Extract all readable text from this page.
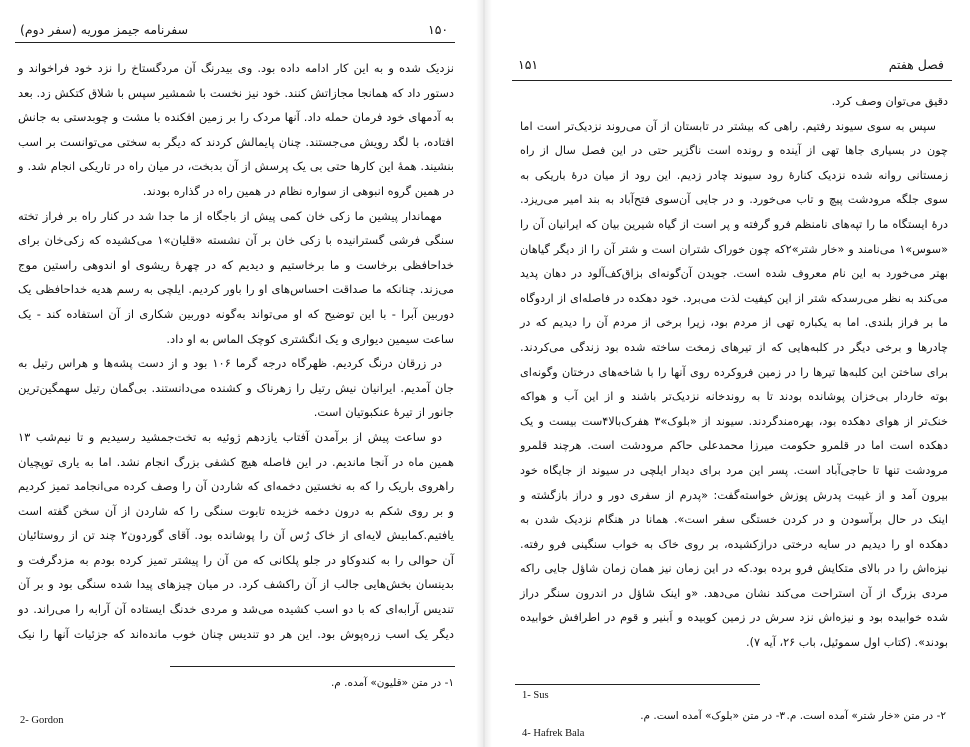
سفرنامه جیمز موریه (سفر دوم)	۱۵۰
نزدیک شده و به این کار ادامه داده بود. وی بیدرنگ آن مردگستاخ را نزد خود فراخواند و
دستور داد که همانجا مجازاتش کنند. خود نیز نخست با شمشیر سپس با شلاق کتکش زد. بعد
به آدمهای خود فرمان حمله داد. آنها مردک را بر زمین افکنده با مشت و چوبدستی به جانش
افتاده، با لگد رویش می‌جستند. چنان پایمالش کردند که دیگر به سختی می‌توانست بر اسب
بنشیند. همهٔ این کارها حتی بی یک پرسش از آن بدبخت، در میان راه در تاریکی انجام شد. و
در همین گروه انبوهی از سواره نظام در همین راه در گذاره بودند.
مهماندار پیشین ما زکی خان کمی پیش از باجگاه از ما جدا شد در کنار راه بر فراز تخته
سنگی فرشی گسترانیده با زکی خان بر آن نشسته «قلیان»۱ می‌کشیده که زکی‌خان برای
خداحافظی برخاست و ما برخاستیم و دیدیم که در چهرهٔ ریشوی او اندوهی راستین موج
می‌زند. چنانکه ما صداقت احساس‌های او را باور کردیم. ایلچی به رسم هدیه خداحافظی یک
دوربین آبرا - با این توضیح که او می‌تواند به‌گونه دوربین شکاری از آن استفاده کند - یک
ساعت سیمین دیواری و یک انگشتری کوچک الماس به او داد.
در زرقان درنگ کردیم. ظهرگاه درجه گرما ۱۰۶ بود و از دست پشه‌ها و هراس رتیل به
جان آمدیم. ایرانیان نیش رتیل را زهرناک و کشنده می‌دانستند. بی‌گمان رتیل سهمگین‌ترین
جانور از تیرهٔ عنکبوتیان است.
دو ساعت پیش از برآمدن آفتاب یازدهم ژوئیه به تخت‌جمشید رسیدیم و تا نیم‌شب ۱۳
همین ماه در آنجا ماندیم. در این فاصله هیچ کشفی بزرگ انجام نشد. اما به یاری توپچیان
راهروی باریک را که به نخستین دخمه‌ای که شاردن آن را وصف کرده می‌انجامد تمیز کردیم
و بر روی شکم به درون دخمه خزیده تابوت سنگی را که شاردن از آن سخن گفته است
یافتیم.کمابیش لایه‌ای از خاک رُس آن را پوشانده بود. آقای گوردون۲ چند تن از روستائیان
آن حوالی را به کندوکاو در جلو پلکانی که من آن را پیشتر تمیز کرده بودم به مزدگرفت و
بدینسان بخش‌هایی جالب از آن راکشف کرد. در میان چیزهای پیدا شده سنگی بود و بر آن
تندیس آرابه‌ای که با دو اسب کشیده می‌شد و مردی خدنگ ایستاده آن آرابه را می‌راند. دو
دیگر یک اسب زره‌پوش بود. این هر دو تندیس چنان خوب مانده‌اند که جزئیات آنها را نیک
۱- در متن «قلیون» آمده. م.
2- Gordon
فصل هفتم
۱۵۱
دقیق می‌توان وصف کرد.
سپس به سوی سیوند رفتیم. راهی که بیشتر در تابستان از آن می‌روند نزدیک‌تر است اما
چون در بسیاری جاها تهی از آینده و رونده است ناگزیر حتی در این فصل سال از راه
زمستانی روانه شده نزدیک کنارهٔ رود سیوند چادر زدیم. این رود از میان درهٔ باریکی به
سوی جلگه مرودشت پیچ و تاب می‌خورد. و در جایی آن‌سوی فتح‌آباد به بند امیر می‌ریزد.
درهٔ ایستگاه ما را تپه‌های نامنظم فرو گرفته و پر است از گیاه شیرین بیان که ایرانیان آن را
«سوس»۱ می‌نامند و «خار شتر»۲که چون خوراک شتران است و شتر آن را از دیگر گیاهان
بهتر می‌خورد به این نام معروف شده است. جویدن آن‌گونه‌ای بزاق‌کف‌آلود در دهان پدید
می‌کند به نظر می‌رسدکه شتر از این کیفیت لذت می‌برد. خود دهکده در فاصله‌ای از اردوگاه
ما بر فراز بلندی. اما به یکباره تهی از مردم بود، زیرا برخی از مردم آن را دیدیم که در
چادرها و برخی دیگر در کلبه‌هایی که از تیرهای زمخت ساخته شده بود زندگی می‌کردند.
برای ساختن این کلبه‌ها تیرها را در زمین فروکرده روی آنها را با شاخه‌های درختان وگونه‌ای
بوته خاردار بی‌خزان پوشانده بودند تا به روندخانه نزدیک‌تر باشند و از این آب و هواکه
خنک‌تر از هوای دهکده بود، بهره‌مندگردند. سیوند از «بلوک»۳ هفرک‌بالا۴ست بیست و یک
دهکده است اما در قلمرو حکومت میرزا محمدعلی حاکم مرودشت است. هرچند قلمرو
مرودشت تنها تا حاجی‌آباد است. پسر این مرد برای دیدار ایلچی در سیوند از جایگاه خود
بیرون آمد و از غیبت پدرش پوزش خواسته‌گفت: «پدرم از سفری دور و دراز بازگشته و
اینک در حال برآسودن و در کردن خستگی سفر است». همانا در هنگام نزدیک شدن به
دهکده او را دیدیم در سایه درختی درازکشیده، بر روی خاک به خواب سنگینی فرو رفته.
نیزه‌اش را در بالای متکایش فرو برده بود.که در این زمان نیز همان زمان شاؤل جایی راکه
مردی بزرگ از آن استراحت می‌کند نشان می‌دهد. «و اینک شاؤل در اندرون سنگر دراز
شده خوابیده بود و نیزه‌اش نزد سرش در زمین کوبیده و اَبنیر و قوم در اطرافش خوابیده
بودند». (کتاب اول سموئیل، باب ۲۶، آیه ۷).
1- Sus
۲- در متن «خار شتر» آمده است. م.
۳- در متن «بلوک» آمده است. م.
4- Hafrek Bala
